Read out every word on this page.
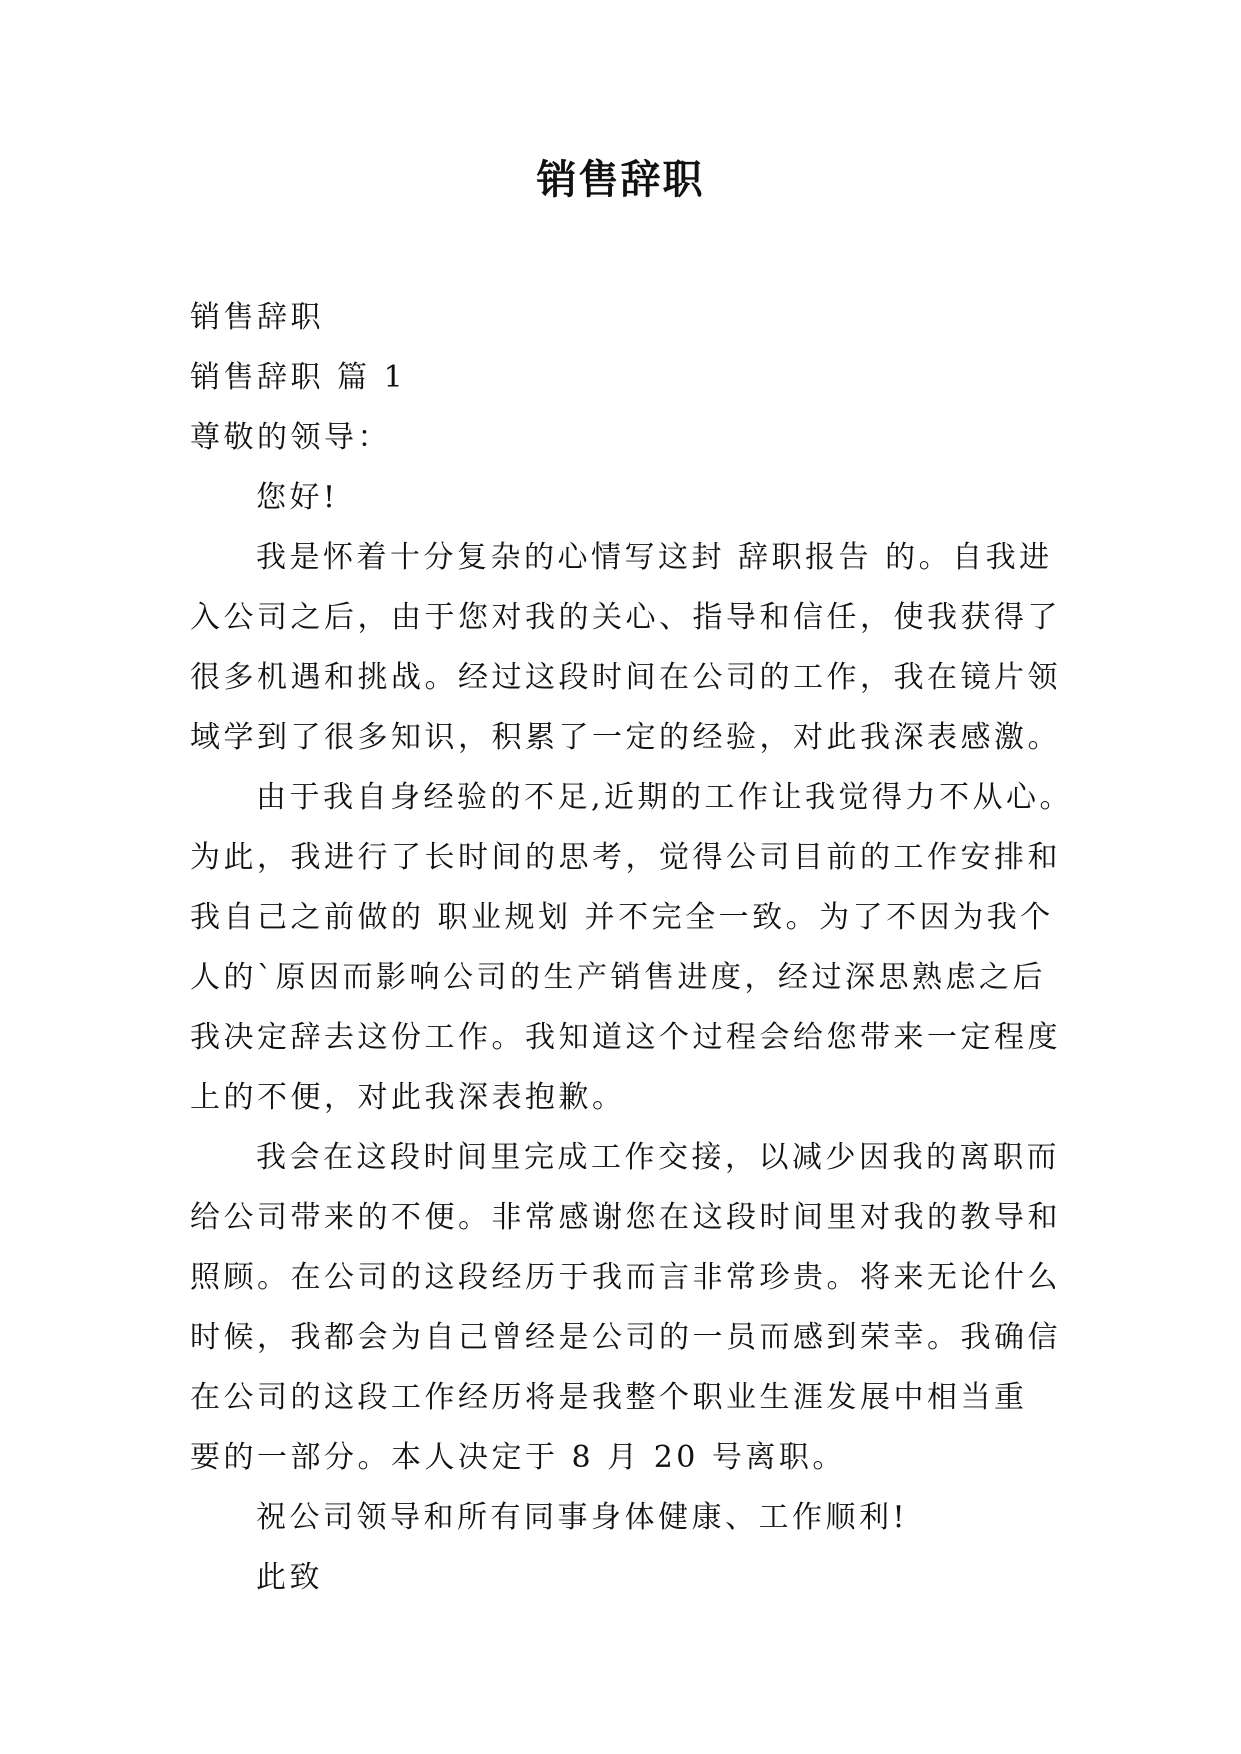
销售辞职

销售辞职

销售辞职 篇 1

尊敬的领导：

您好!

我是怀着十分复杂的心情写这封 辞职报告 的。自我进

入公司之后，由于您对我的关心、指导和信任，使我获得了

很多机遇和挑战。经过这段时间在公司的工作，我在镜片领

域学到了很多知识，积累了一定的经验，对此我深表感激。

由于我自身经验的不足,近期的工作让我觉得力不从心。

为此，我进行了长时间的思考，觉得公司目前的工作安排和

我自己之前做的 职业规划 并不完全一致。为了不因为我个

人的`原因而影响公司的生产销售进度，经过深思熟虑之后

我决定辞去这份工作。我知道这个过程会给您带来一定程度

上的不便，对此我深表抱歉。

我会在这段时间里完成工作交接，以减少因我的离职而

给公司带来的不便。非常感谢您在这段时间里对我的教导和

照顾。在公司的这段经历于我而言非常珍贵。将来无论什么

时候，我都会为自己曾经是公司的一员而感到荣幸。我确信

在公司的这段工作经历将是我整个职业生涯发展中相当重

要的一部分。本人决定于 8 月 20 号离职。

祝公司领导和所有同事身体健康、工作顺利!

此致
